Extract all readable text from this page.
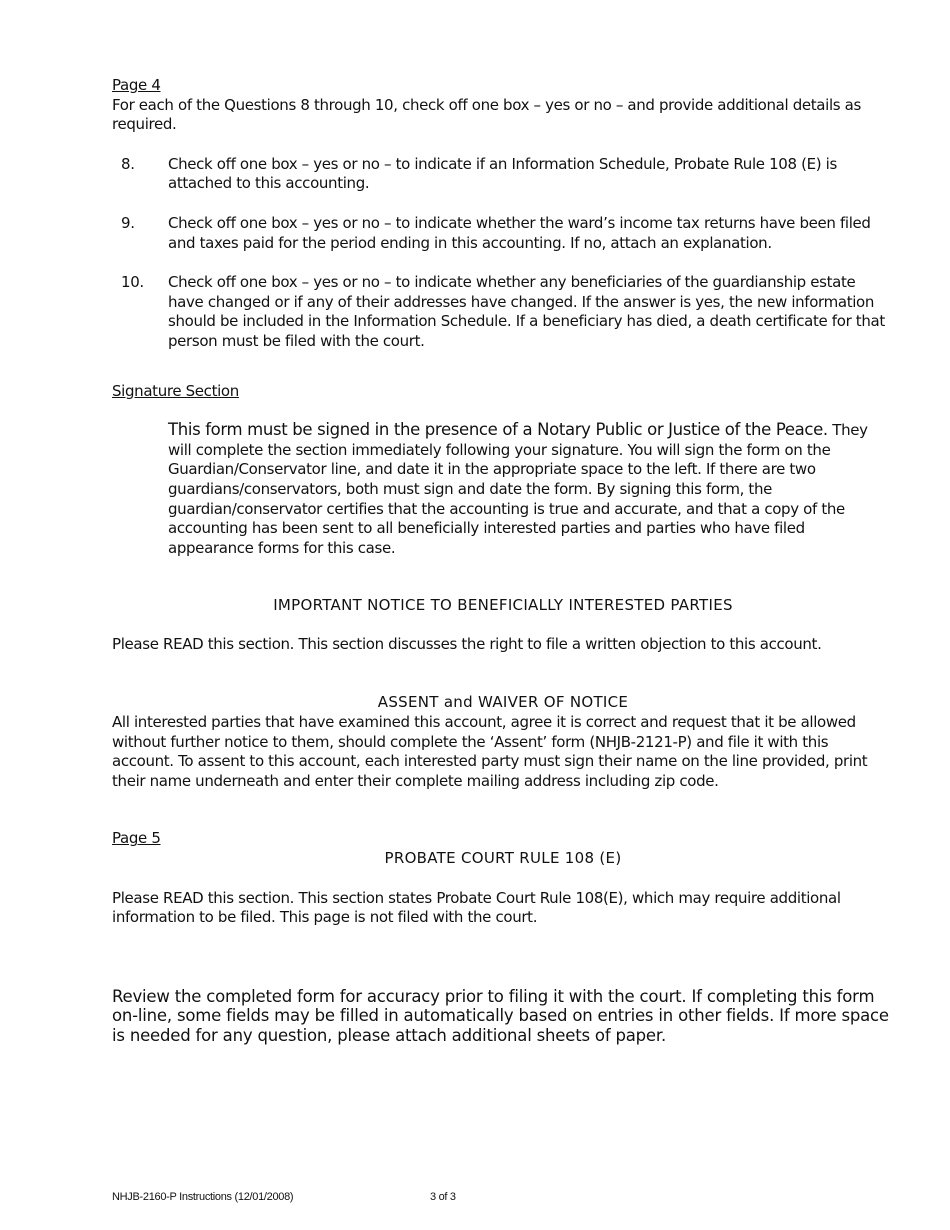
Page 4

For each of the Questions 8 through 10, check off one box – yes or no – and provide additional details as required.

8.	Check off one box – yes or no – to indicate if an Information Schedule, Probate Rule 108 (E) is attached to this accounting.
9.	Check off one box – yes or no – to indicate whether the ward’s income tax returns have been filed and taxes paid for the period ending in this accounting. If no, attach an explanation.
10.	Check off one box – yes or no – to indicate whether any beneficiaries of the guardianship estate have changed or if any of their addresses have changed. If the answer is yes, the new information should be included in the Information Schedule. If a beneficiary has died, a death certificate for that person must be filed with the court.

Signature Section

This form must be signed in the presence of a Notary Public or Justice of the Peace. They will complete the section immediately following your signature. You will sign the form on the Guardian/Conservator line, and date it in the appropriate space to the left. If there are two guardians/conservators, both must sign and date the form. By signing this form, the guardian/conservator certifies that the accounting is true and accurate, and that a copy of the accounting has been sent to all beneficially interested parties and parties who have filed appearance forms for this case.

IMPORTANT NOTICE TO BENEFICIALLY INTERESTED PARTIES

Please READ this section. This section discusses the right to file a written objection to this account.

ASSENT and WAIVER OF NOTICE

All interested parties that have examined this account, agree it is correct and request that it be allowed without further notice to them, should complete the ‘Assent’ form (NHJB-2121-P) and file it with this account. To assent to this account, each interested party must sign their name on the line provided, print their name underneath and enter their complete mailing address including zip code.

Page 5

PROBATE COURT RULE 108 (E)

Please READ this section. This section states Probate Court Rule 108(E), which may require additional information to be filed. This page is not filed with the court.

Review the completed form for accuracy prior to filing it with the court. If completing this form on-line, some fields may be filled in automatically based on entries in other fields. If more space is needed for any question, please attach additional sheets of paper.

NHJB-2160-P Instructions (12/01/2008)	3 of 3
